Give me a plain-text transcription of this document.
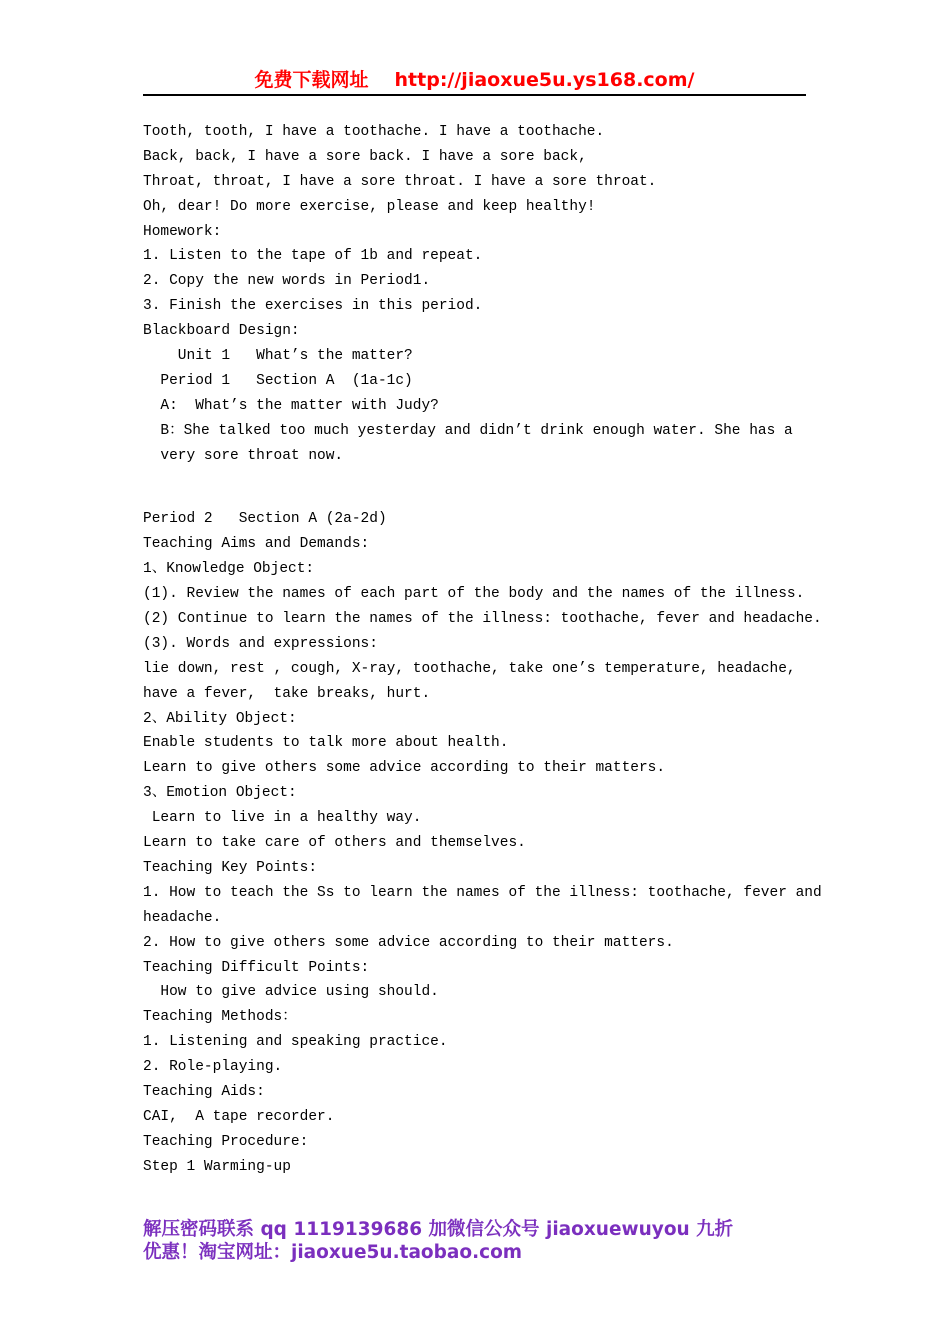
免费下载网址 http://jiaoxue5u.ys168.com/
Tooth, tooth, I have a toothache. I have a toothache.
Back, back, I have a sore back. I have a sore back,
Throat, throat, I have a sore throat. I have a sore throat.
Oh, dear! Do more exercise, please and keep healthy!
Homework:
1. Listen to the tape of 1b and repeat.
2. Copy the new words in Period1.
3. Finish the exercises in this period.
Blackboard Design:
Unit 1   What’s the matter?
Period 1   Section A  (1a-1c)
A:  What’s the matter with Judy?
B：She talked too much yesterday and didn’t drink enough water. She has a
very sore throat now.
Period 2   Section A (2a-2d)
Teaching Aims and Demands:
1、Knowledge Object:
(1). Review the names of each part of the body and the names of the illness.
(2) Continue to learn the names of the illness: toothache, fever and headache.
(3). Words and expressions:
lie down, rest , cough, X-ray, toothache, take one’s temperature, headache,
have a fever,  take breaks, hurt.
2、Ability Object:
Enable students to talk more about health.
Learn to give others some advice according to their matters.
3、Emotion Object:
Learn to live in a healthy way.
Learn to take care of others and themselves.
Teaching Key Points:
1. How to teach the Ss to learn the names of the illness: toothache, fever and
headache.
2. How to give others some advice according to their matters.
Teaching Difficult Points:
How to give advice using should.
Teaching Methods：
1. Listening and speaking practice.
2. Role-playing.
Teaching Aids:
CAI,  A tape recorder.
Teaching Procedure:
Step 1 Warming-up
解压密码联系 qq 1119139686 加微信公众号 jiaoxuewuyou 九折
优惠！淘宝网址：jiaoxue5u.taobao.com
